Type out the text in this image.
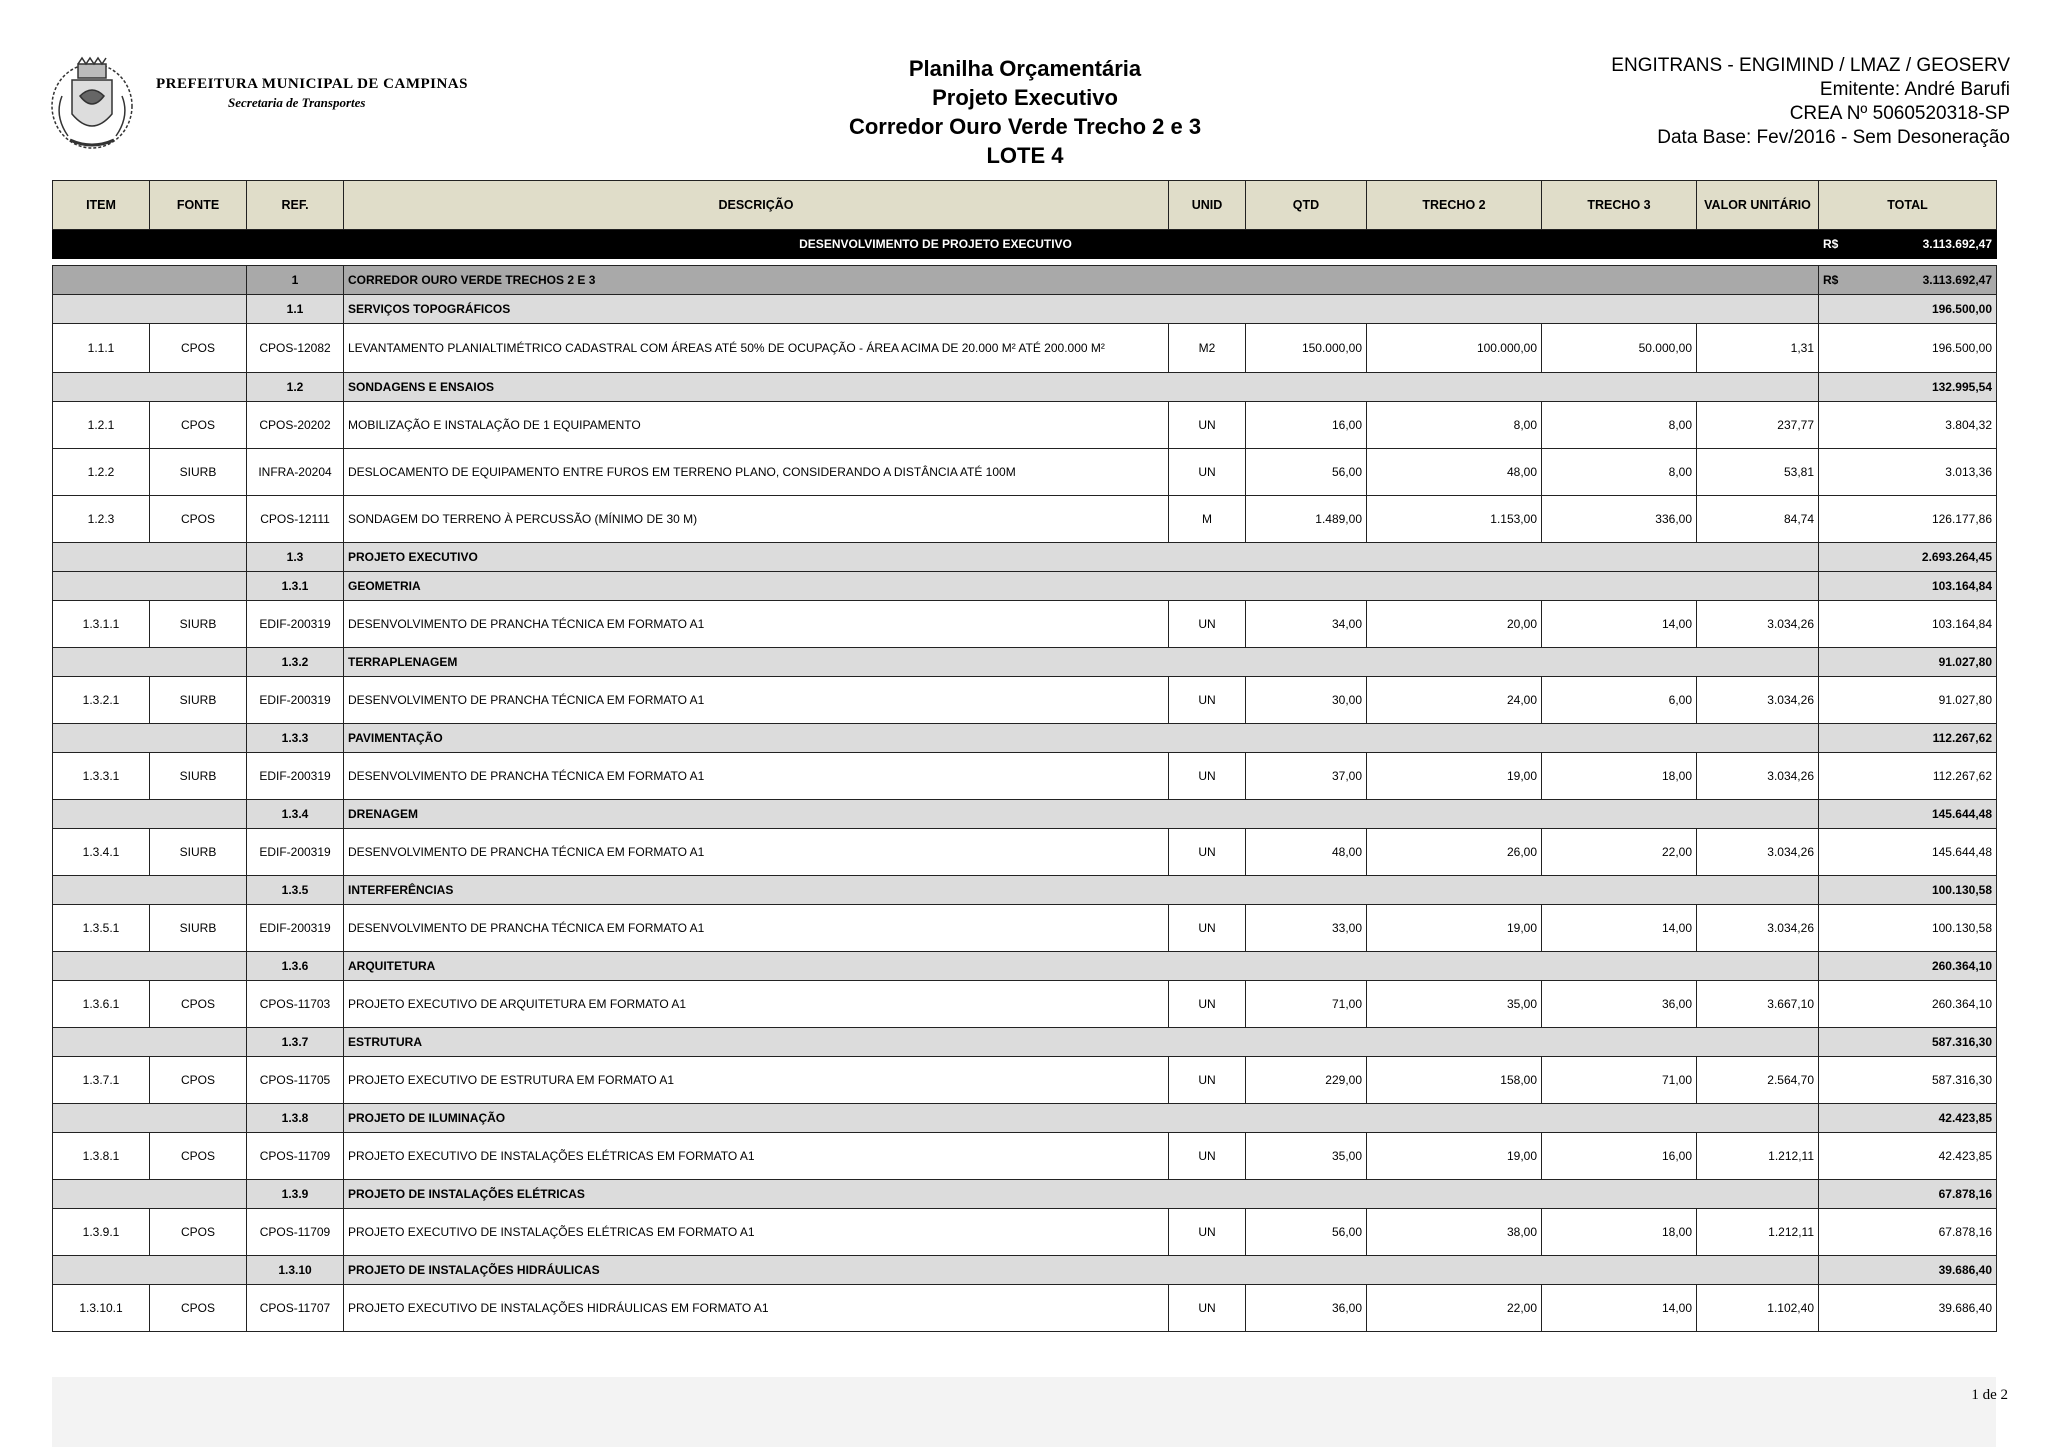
PREFEITURA MUNICIPAL DE CAMPINAS
Secretaria de Transportes
Planilha Orçamentária
Projeto Executivo
Corredor Ouro Verde Trecho 2 e 3
LOTE 4
ENGITRANS - ENGIMIND / LMAZ / GEOSERV
Emitente: André Barufi
CREA Nº 5060520318-SP
Data Base: Fev/2016 - Sem Desoneração
ITEM	FONTE	REF.	DESCRIÇÃO	UNID	QTD	TRECHO 2	TRECHO 3	VALOR UNITÁRIO	TOTAL
DESENVOLVIMENTO DE PROJETO EXECUTIVO									R$ 3.113.692,47

		1	CORREDOR OURO VERDE TRECHOS 2 E 3						R$ 3.113.692,47

		1.1	SERVIÇOS TOPOGRÁFICOS						196.500,00
1.1.1	CPOS	CPOS-12082	LEVANTAMENTO PLANIALTIMÉTRICO CADASTRAL COM ÁREAS ATÉ 50% DE OCUPAÇÃO - ÁREA ACIMA DE 20.000 M² ATÉ 200.000 M²	M2	150.000,00	100.000,00	50.000,00	1,31	196.500,00
		1.2	SONDAGENS E ENSAIOS						132.995,54
1.2.1	CPOS	CPOS-20202	MOBILIZAÇÃO E INSTALAÇÃO DE 1 EQUIPAMENTO	UN	16,00	8,00	8,00	237,77	3.804,32
1.2.2	SIURB	INFRA-20204	DESLOCAMENTO DE EQUIPAMENTO ENTRE FUROS EM TERRENO PLANO, CONSIDERANDO A DISTÂNCIA ATÉ 100M	UN	56,00	48,00	8,00	53,81	3.013,36
1.2.3	CPOS	CPOS-12111	SONDAGEM DO TERRENO À PERCUSSÃO (MÍNIMO DE 30 M)	M	1.489,00	1.153,00	336,00	84,74	126.177,86
		1.3	PROJETO EXECUTIVO						2.693.264,45
		1.3.1	GEOMETRIA						103.164,84
1.3.1.1	SIURB	EDIF-200319	DESENVOLVIMENTO DE PRANCHA TÉCNICA EM FORMATO A1	UN	34,00	20,00	14,00	3.034,26	103.164,84
		1.3.2	TERRAPLENAGEM						91.027,80
1.3.2.1	SIURB	EDIF-200319	DESENVOLVIMENTO DE PRANCHA TÉCNICA EM FORMATO A1	UN	30,00	24,00	6,00	3.034,26	91.027,80
		1.3.3	PAVIMENTAÇÃO						112.267,62
1.3.3.1	SIURB	EDIF-200319	DESENVOLVIMENTO DE PRANCHA TÉCNICA EM FORMATO A1	UN	37,00	19,00	18,00	3.034,26	112.267,62
		1.3.4	DRENAGEM						145.644,48
1.3.4.1	SIURB	EDIF-200319	DESENVOLVIMENTO DE PRANCHA TÉCNICA EM FORMATO A1	UN	48,00	26,00	22,00	3.034,26	145.644,48
		1.3.5	INTERFERÊNCIAS						100.130,58
1.3.5.1	SIURB	EDIF-200319	DESENVOLVIMENTO DE PRANCHA TÉCNICA EM FORMATO A1	UN	33,00	19,00	14,00	3.034,26	100.130,58
		1.3.6	ARQUITETURA						260.364,10
1.3.6.1	CPOS	CPOS-11703	PROJETO EXECUTIVO DE ARQUITETURA EM FORMATO A1	UN	71,00	35,00	36,00	3.667,10	260.364,10
		1.3.7	ESTRUTURA						587.316,30
1.3.7.1	CPOS	CPOS-11705	PROJETO EXECUTIVO DE ESTRUTURA EM FORMATO A1	UN	229,00	158,00	71,00	2.564,70	587.316,30
		1.3.8	PROJETO DE ILUMINAÇÃO						42.423,85
1.3.8.1	CPOS	CPOS-11709	PROJETO EXECUTIVO DE INSTALAÇÕES ELÉTRICAS EM FORMATO A1	UN	35,00	19,00	16,00	1.212,11	42.423,85
		1.3.9	PROJETO DE INSTALAÇÕES ELÉTRICAS						67.878,16
1.3.9.1	CPOS	CPOS-11709	PROJETO EXECUTIVO DE INSTALAÇÕES ELÉTRICAS EM FORMATO A1	UN	56,00	38,00	18,00	1.212,11	67.878,16
		1.3.10	PROJETO DE INSTALAÇÕES HIDRÁULICAS						39.686,40
1.3.10.1	CPOS	CPOS-11707	PROJETO EXECUTIVO DE INSTALAÇÕES HIDRÁULICAS EM FORMATO A1	UN	36,00	22,00	14,00	1.102,40	39.686,40
1 de 2
